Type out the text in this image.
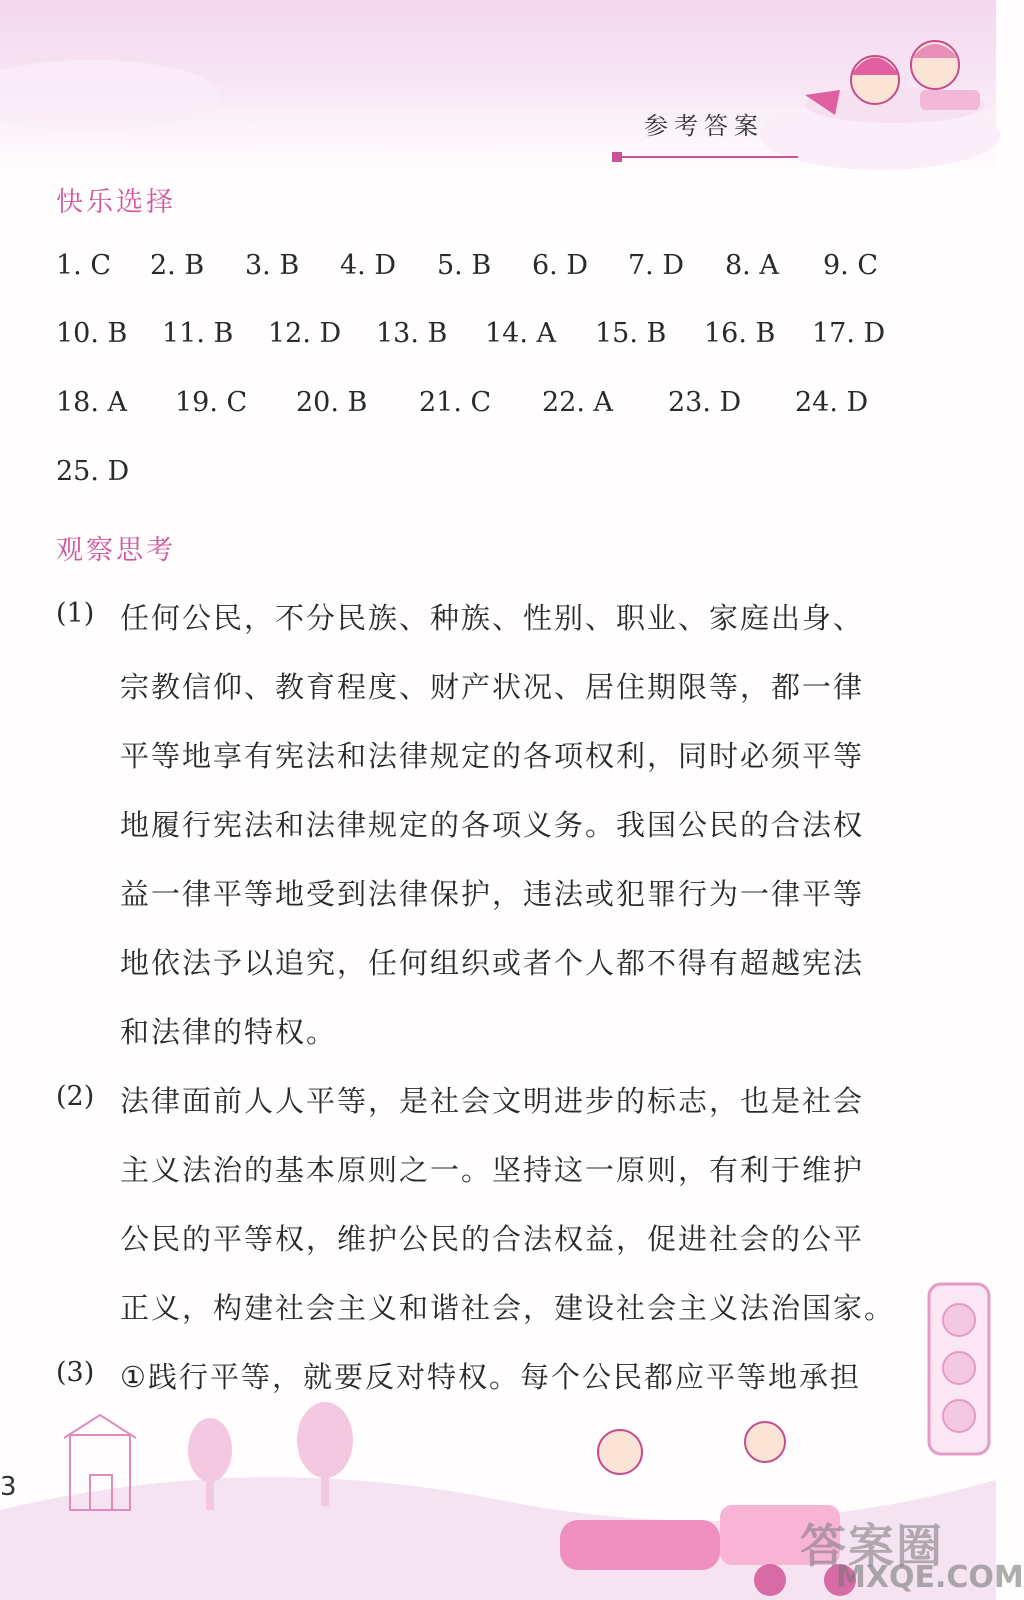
参考答案
快乐选择
1. C 2. B 3. B 4. D 5. B 6. D 7. D 8. A 9. C
10. B 11. B 12. D 13. B 14. A 15. B 16. B 17. D
18. A 19. C 20. B 21. C 22. A 23. D 24. D
25. D
观察思考
(1) 任何公民，不分民族、种族、性别、职业、家庭出身、
宗教信仰、教育程度、财产状况、居住期限等，都一律
平等地享有宪法和法律规定的各项权利，同时必须平等
地履行宪法和法律规定的各项义务。我国公民的合法权
益一律平等地受到法律保护，违法或犯罪行为一律平等
地依法予以追究，任何组织或者个人都不得有超越宪法
和法律的特权。
(2) 法律面前人人平等，是社会文明进步的标志，也是社会
主义法治的基本原则之一。坚持这一原则，有利于维护
公民的平等权，维护公民的合法权益，促进社会的公平
正义，构建社会主义和谐社会，建设社会主义法治国家。
(3) ①践行平等，就要反对特权。每个公民都应平等地承担
3
答案圈
MXQE.COM
